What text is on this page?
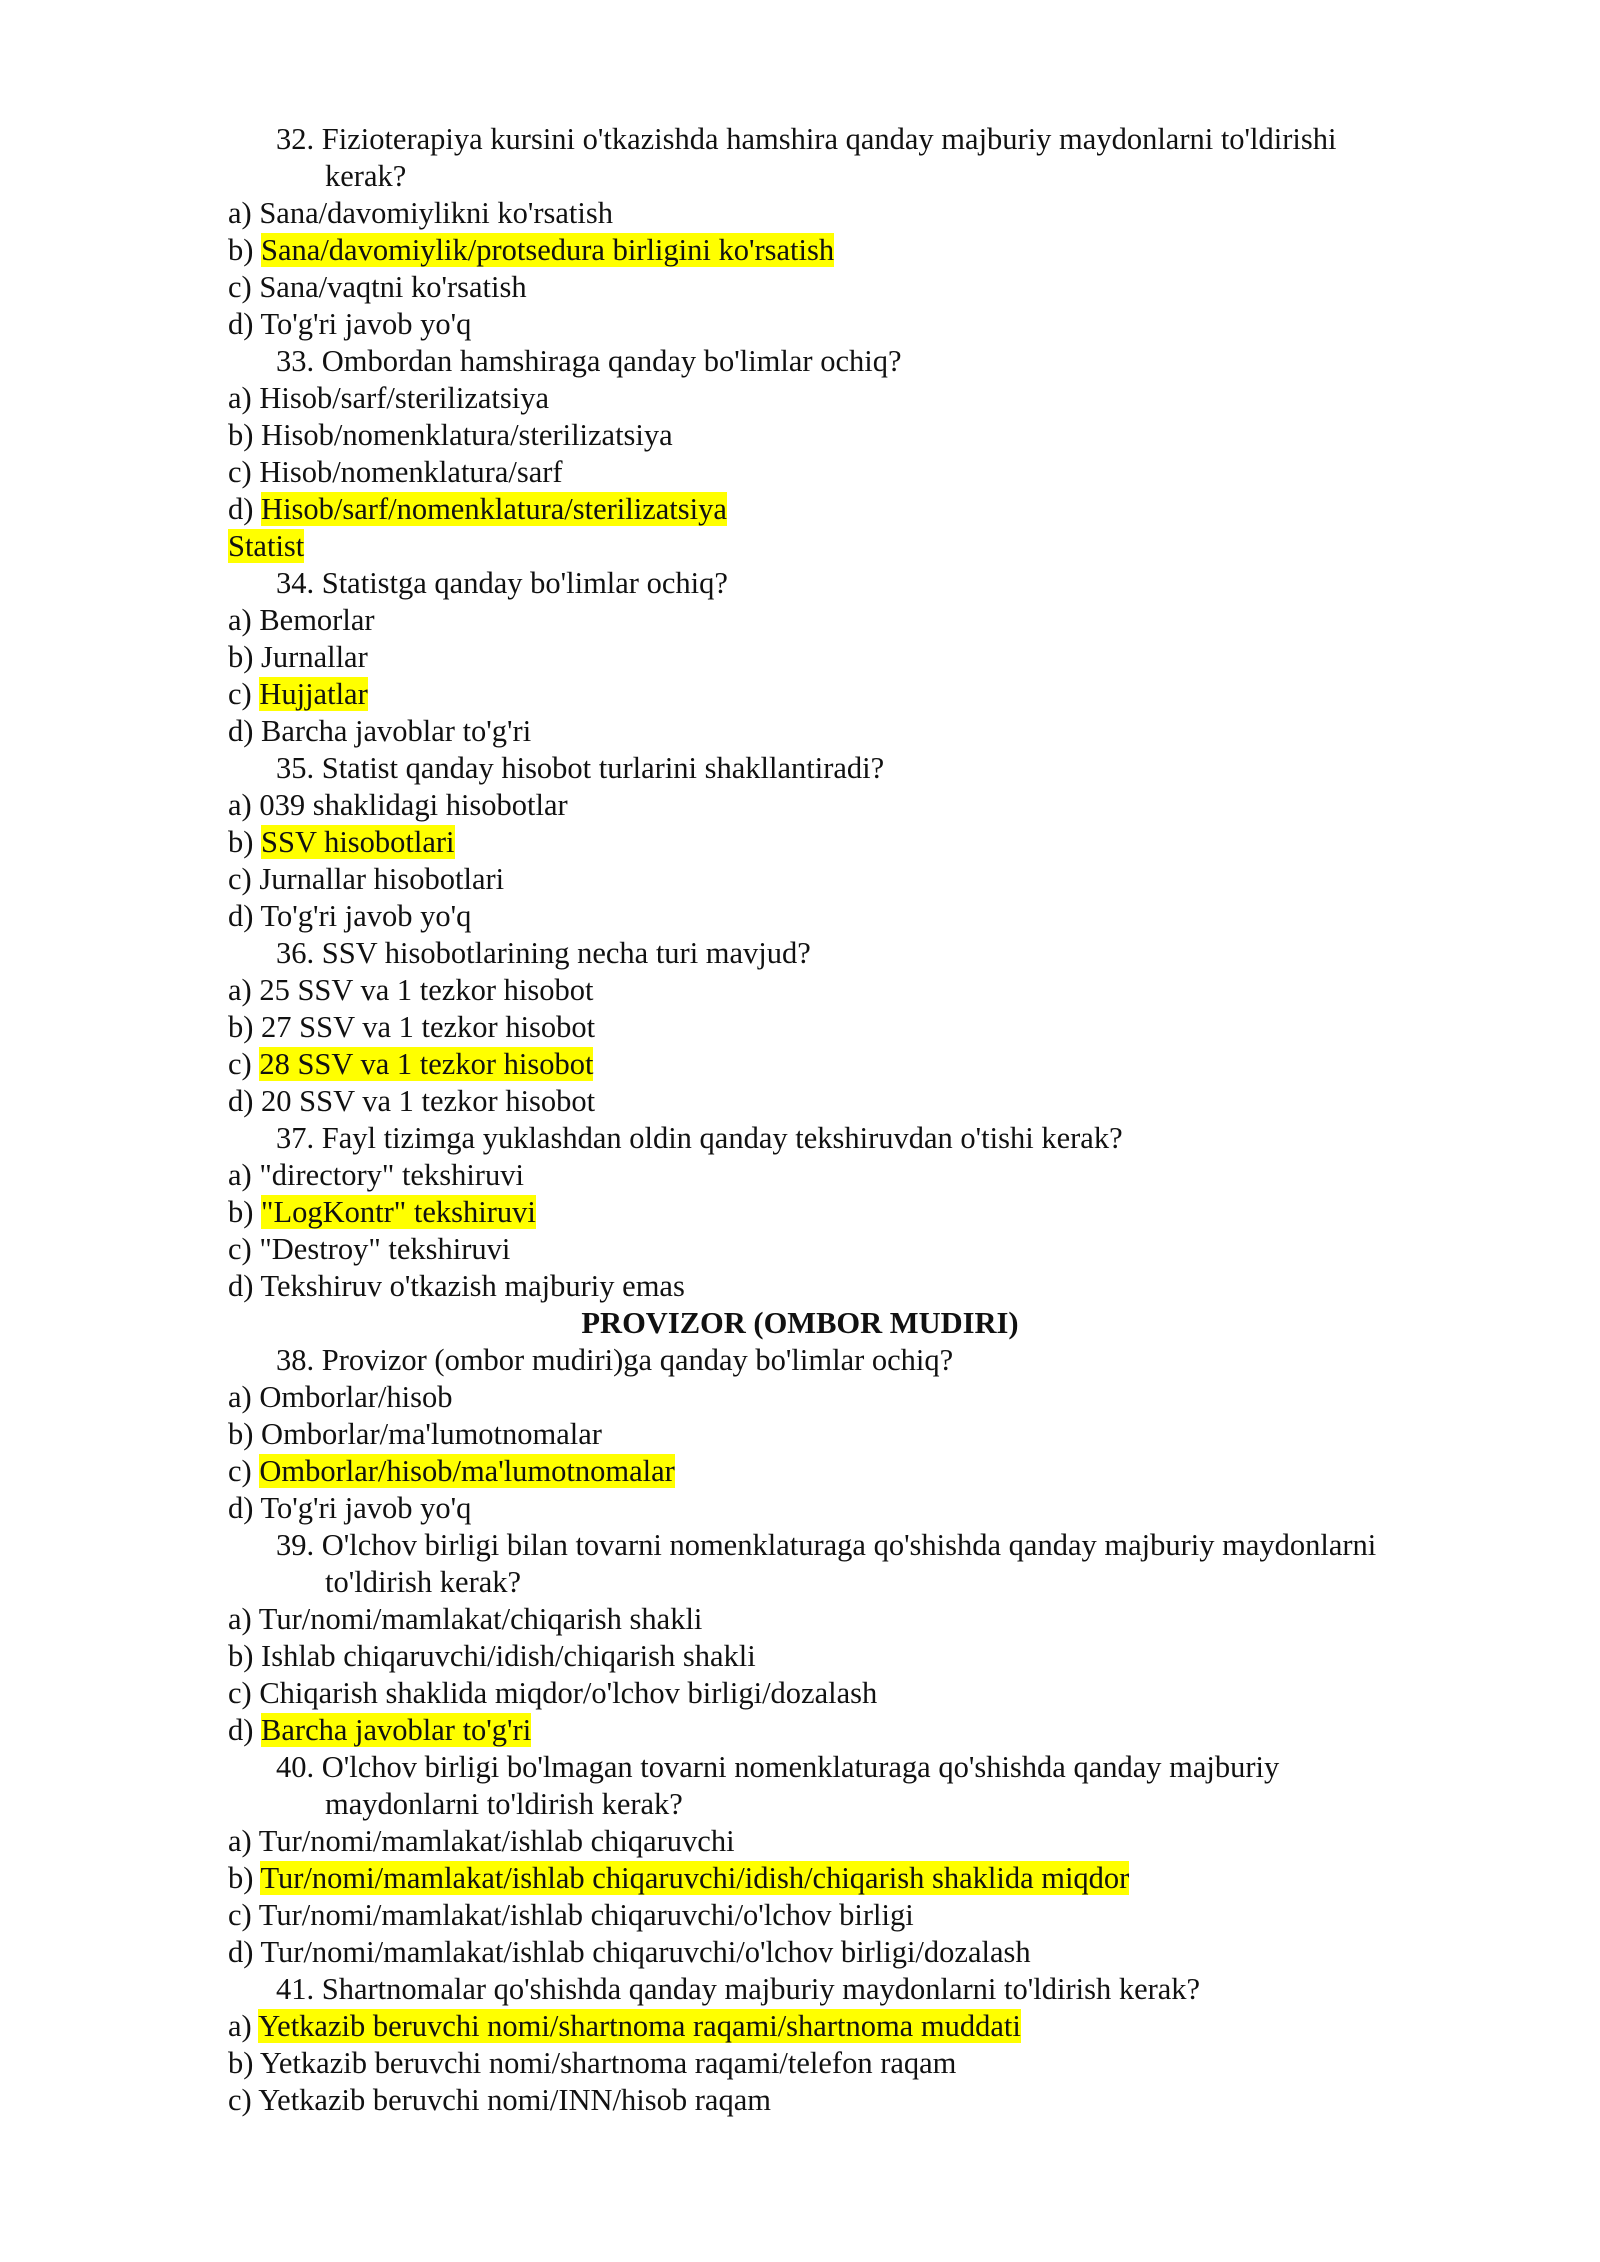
32. Fizioterapiya kursini o'tkazishda hamshira qanday majburiy maydonlarni to'ldirishi
kerak?
a) Sana/davomiylikni ko'rsatish
b) Sana/davomiylik/protsedura birligini ko'rsatish
c) Sana/vaqtni ko'rsatish
d) To'g'ri javob yo'q
33. Ombordan hamshiraga qanday bo'limlar ochiq?
a) Hisob/sarf/sterilizatsiya
b) Hisob/nomenklatura/sterilizatsiya
c) Hisob/nomenklatura/sarf
d) Hisob/sarf/nomenklatura/sterilizatsiya
Statist
34. Statistga qanday bo'limlar ochiq?
a) Bemorlar
b) Jurnallar
c) Hujjatlar
d) Barcha javoblar to'g'ri
35. Statist qanday hisobot turlarini shakllantiradi?
a) 039 shaklidagi hisobotlar
b) SSV hisobotlari
c) Jurnallar hisobotlari
d) To'g'ri javob yo'q
36. SSV hisobotlarining necha turi mavjud?
a) 25 SSV va 1 tezkor hisobot
b) 27 SSV va 1 tezkor hisobot
c) 28 SSV va 1 tezkor hisobot
d) 20 SSV va 1 tezkor hisobot
37. Fayl tizimga yuklashdan oldin qanday tekshiruvdan o'tishi kerak?
a) "directory" tekshiruvi
b) "LogKontr" tekshiruvi
c) "Destroy" tekshiruvi
d) Tekshiruv o'tkazish majburiy emas
PROVIZOR (OMBOR MUDIRI)
38. Provizor (ombor mudiri)ga qanday bo'limlar ochiq?
a) Omborlar/hisob
b) Omborlar/ma'lumotnomalar
c) Omborlar/hisob/ma'lumotnomalar
d) To'g'ri javob yo'q
39. O'lchov birligi bilan tovarni nomenklaturaga qo'shishda qanday majburiy maydonlarni
to'ldirish kerak?
a) Tur/nomi/mamlakat/chiqarish shakli
b) Ishlab chiqaruvchi/idish/chiqarish shakli
c) Chiqarish shaklida miqdor/o'lchov birligi/dozalash
d) Barcha javoblar to'g'ri
40. O'lchov birligi bo'lmagan tovarni nomenklaturaga qo'shishda qanday majburiy
maydonlarni to'ldirish kerak?
a) Tur/nomi/mamlakat/ishlab chiqaruvchi
b) Tur/nomi/mamlakat/ishlab chiqaruvchi/idish/chiqarish shaklida miqdor
c) Tur/nomi/mamlakat/ishlab chiqaruvchi/o'lchov birligi
d) Tur/nomi/mamlakat/ishlab chiqaruvchi/o'lchov birligi/dozalash
41. Shartnomalar qo'shishda qanday majburiy maydonlarni to'ldirish kerak?
a) Yetkazib beruvchi nomi/shartnoma raqami/shartnoma muddati
b) Yetkazib beruvchi nomi/shartnoma raqami/telefon raqam
c) Yetkazib beruvchi nomi/INN/hisob raqam
